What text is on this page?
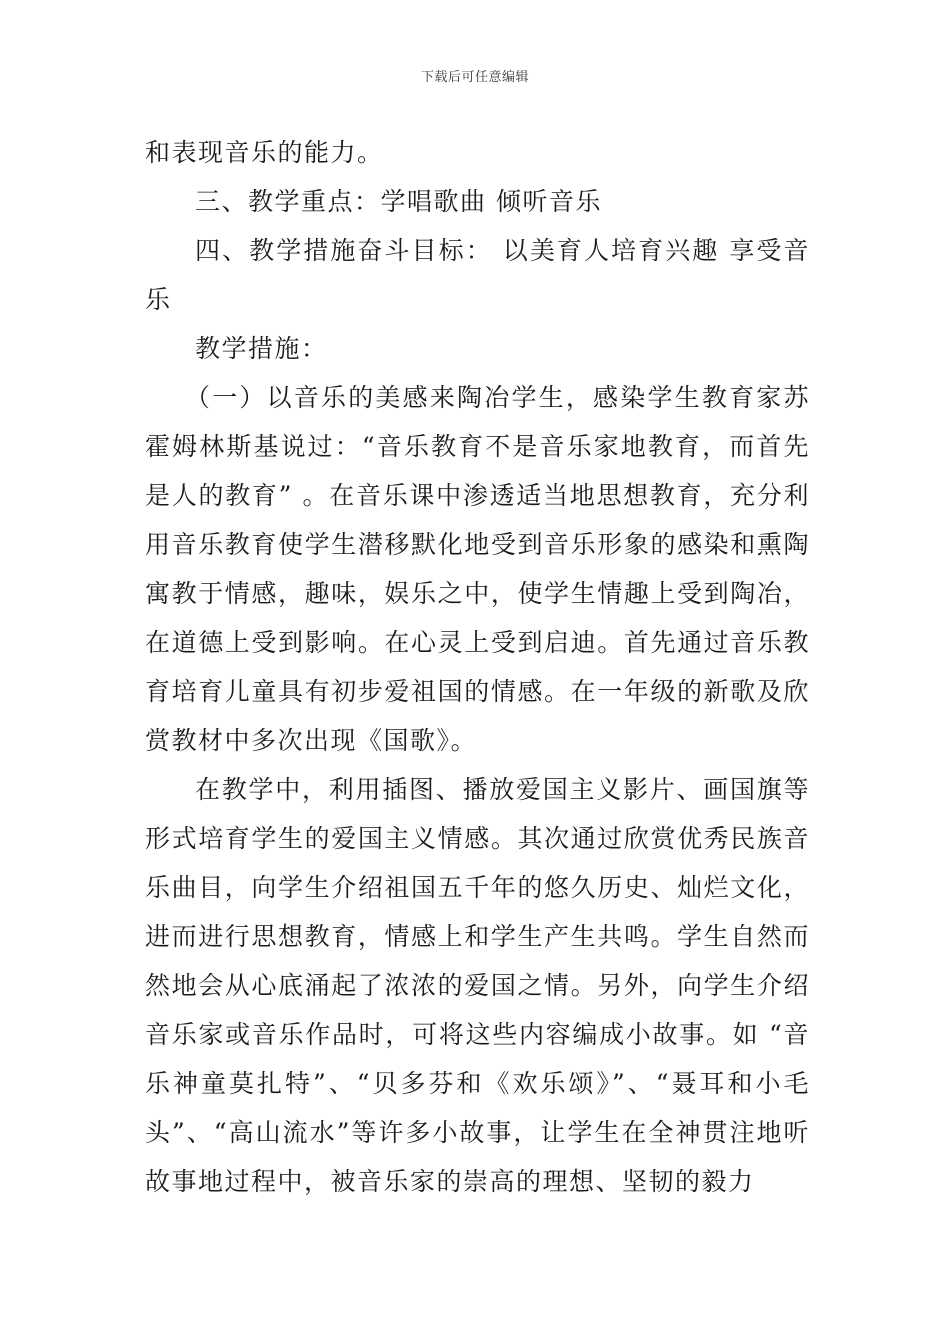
下载后可任意编辑

和表现音乐的能力。

三、教学重点：学唱歌曲 倾听音乐

四、教学措施奋斗目标： 以美育人培育兴趣 享受音乐

教学措施：

（一）以音乐的美感来陶冶学生，感染学生教育家苏霍姆林斯基说过：“音乐教育不是音乐家地教育，而首先是人的教育” 。在音乐课中渗透适当地思想教育，充分利用音乐教育使学生潜移默化地受到音乐形象的感染和熏陶寓教于情感，趣味，娱乐之中，使学生情趣上受到陶冶，在道德上受到影响。在心灵上受到启迪。首先通过音乐教育培育儿童具有初步爱祖国的情感。在一年级的新歌及欣赏教材中多次出现《国歌》。

在教学中，利用插图、播放爱国主义影片、画国旗等形式培育学生的爱国主义情感。其次通过欣赏优秀民族音乐曲目，向学生介绍祖国五千年的悠久历史、灿烂文化，进而进行思想教育，情感上和学生产生共鸣。学生自然而然地会从心底涌起了浓浓的爱国之情。另外，向学生介绍音乐家或音乐作品时，可将这些内容编成小故事。如 “音乐神童莫扎特”、“贝多芬和《欢乐颂》”、“聂耳和小毛头”、“高山流水”等许多小故事，让学生在全神贯注地听故事地过程中，被音乐家的崇高的理想、坚韧的毅力
